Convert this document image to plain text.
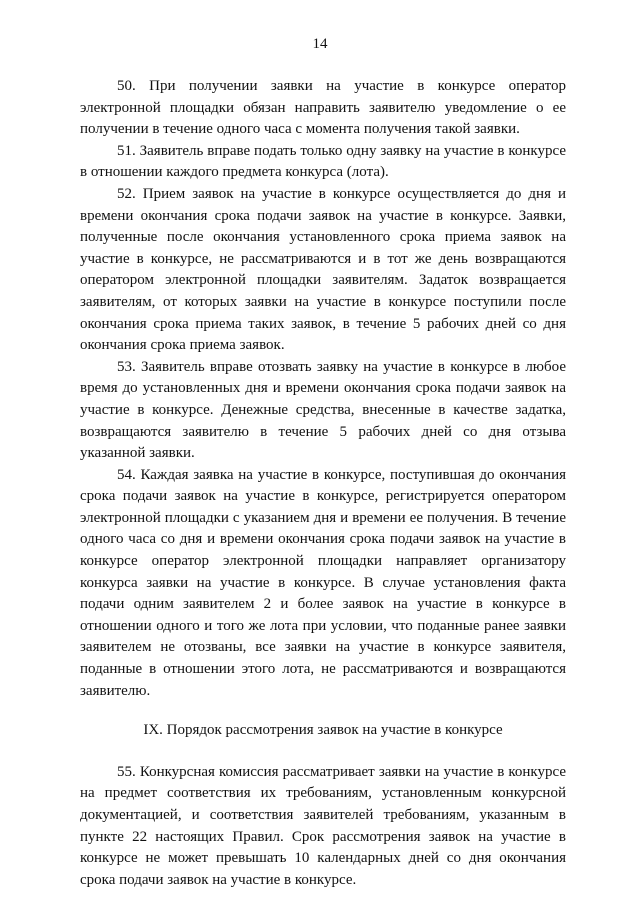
14

50. При получении заявки на участие в конкурсе оператор электронной площадки обязан направить заявителю уведомление о ее получении в течение одного часа с момента получения такой заявки.

51. Заявитель вправе подать только одну заявку на участие в конкурсе в отношении каждого предмета конкурса (лота).

52. Прием заявок на участие в конкурсе осуществляется до дня и времени окончания срока подачи заявок на участие в конкурсе. Заявки, полученные после окончания установленного срока приема заявок на участие в конкурсе, не рассматриваются и в тот же день возвращаются оператором электронной площадки заявителям. Задаток возвращается заявителям, от которых заявки на участие в конкурсе поступили после окончания срока приема таких заявок, в течение 5 рабочих дней со дня окончания срока приема заявок.

53. Заявитель вправе отозвать заявку на участие в конкурсе в любое время до установленных дня и времени окончания срока подачи заявок на участие в конкурсе. Денежные средства, внесенные в качестве задатка, возвращаются заявителю в течение 5 рабочих дней со дня отзыва указанной заявки.

54. Каждая заявка на участие в конкурсе, поступившая до окончания срока подачи заявок на участие в конкурсе, регистрируется оператором электронной площадки с указанием дня и времени ее получения. В течение одного часа со дня и времени окончания срока подачи заявок на участие в конкурсе оператор электронной площадки направляет организатору конкурса заявки на участие в конкурсе. В случае установления факта подачи одним заявителем 2 и более заявок на участие в конкурсе в отношении одного и того же лота при условии, что поданные ранее заявки заявителем не отозваны, все заявки на участие в конкурсе заявителя, поданные в отношении этого лота, не рассматриваются и возвращаются заявителю.

IX. Порядок рассмотрения заявок на участие в конкурсе

55. Конкурсная комиссия рассматривает заявки на участие в конкурсе на предмет соответствия их требованиям, установленным конкурсной документацией, и соответствия заявителей требованиям, указанным в пункте 22 настоящих Правил. Срок рассмотрения заявок на участие в конкурсе не может превышать 10 календарных дней со дня окончания срока подачи заявок на участие в конкурсе.
